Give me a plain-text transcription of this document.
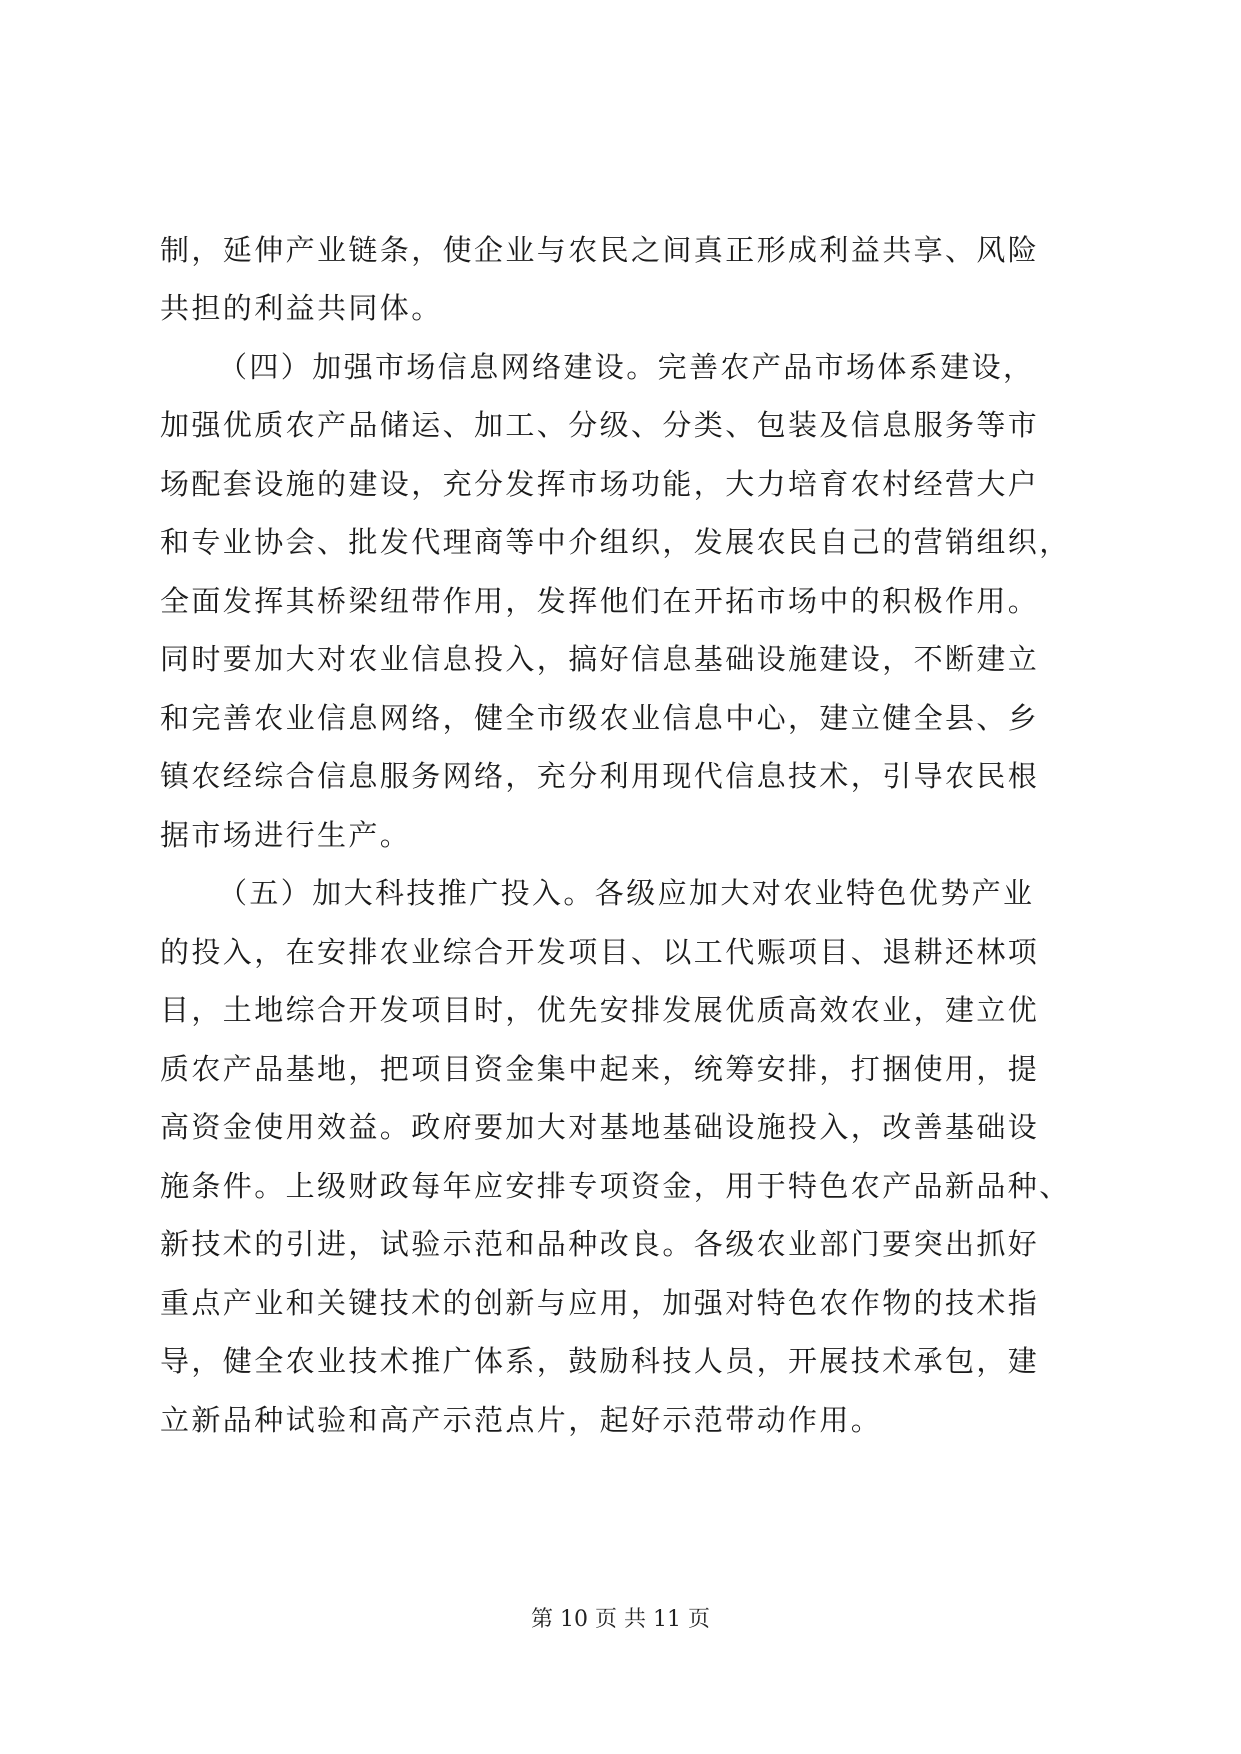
制，延伸产业链条，使企业与农民之间真正形成利益共享、风险
共担的利益共同体。
（四）加强市场信息网络建设。完善农产品市场体系建设，
加强优质农产品储运、加工、分级、分类、包装及信息服务等市
场配套设施的建设，充分发挥市场功能，大力培育农村经营大户
和专业协会、批发代理商等中介组织，发展农民自己的营销组织，
全面发挥其桥梁纽带作用，发挥他们在开拓市场中的积极作用。
同时要加大对农业信息投入，搞好信息基础设施建设，不断建立
和完善农业信息网络，健全市级农业信息中心，建立健全县、乡
镇农经综合信息服务网络，充分利用现代信息技术，引导农民根
据市场进行生产。
（五）加大科技推广投入。各级应加大对农业特色优势产业
的投入，在安排农业综合开发项目、以工代赈项目、退耕还林项
目，土地综合开发项目时，优先安排发展优质高效农业，建立优
质农产品基地，把项目资金集中起来，统筹安排，打捆使用，提
高资金使用效益。政府要加大对基地基础设施投入，改善基础设
施条件。上级财政每年应安排专项资金，用于特色农产品新品种、
新技术的引进，试验示范和品种改良。各级农业部门要突出抓好
重点产业和关键技术的创新与应用，加强对特色农作物的技术指
导，健全农业技术推广体系，鼓励科技人员，开展技术承包，建
立新品种试验和高产示范点片，起好示范带动作用。
第 10 页 共 11 页
